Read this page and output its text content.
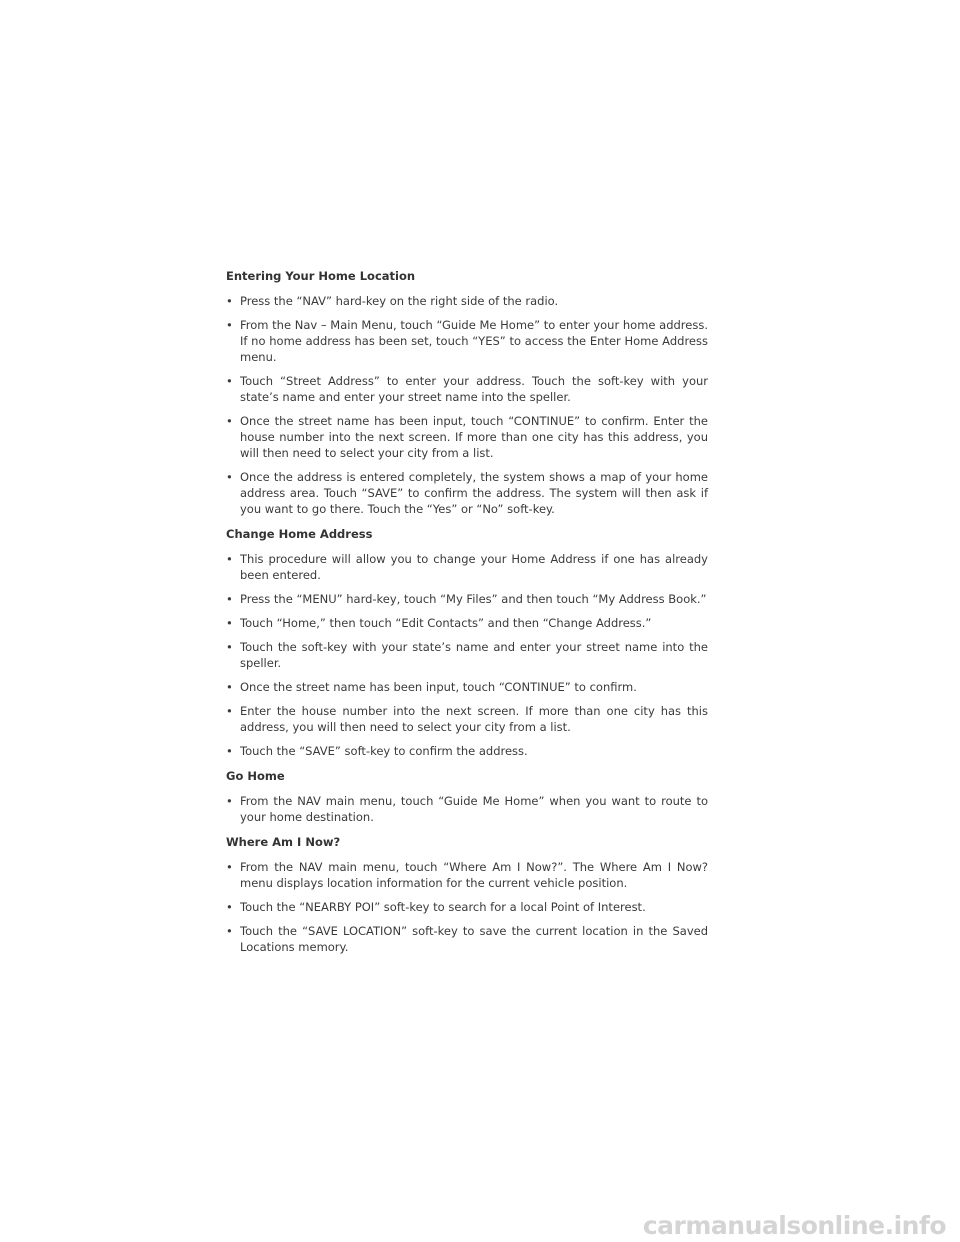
Entering Your Home Location
• Press the “NAV” hard-key on the right side of the radio.
• From the Nav – Main Menu, touch “Guide Me Home” to enter your home address. If no home address has been set, touch “YES” to access the Enter Home Address menu.
• Touch “Street Address” to enter your address. Touch the soft-key with your state’s name and enter your street name into the speller.
• Once the street name has been input, touch “CONTINUE” to confirm. Enter the house number into the next screen. If more than one city has this address, you will then need to select your city from a list.
• Once the address is entered completely, the system shows a map of your home address area. Touch “SAVE” to confirm the address. The system will then ask if you want to go there. Touch the “Yes” or “No” soft-key.
Change Home Address
• This procedure will allow you to change your Home Address if one has already been entered.
• Press the “MENU” hard-key, touch “My Files” and then touch “My Address Book.”
• Touch “Home,” then touch “Edit Contacts” and then “Change Address.”
• Touch the soft-key with your state’s name and enter your street name into the speller.
• Once the street name has been input, touch “CONTINUE” to confirm.
• Enter the house number into the next screen. If more than one city has this address, you will then need to select your city from a list.
• Touch the “SAVE” soft-key to confirm the address.
Go Home
• From the NAV main menu, touch “Guide Me Home” when you want to route to your home destination.
Where Am I Now?
• From the NAV main menu, touch “Where Am I Now?”. The Where Am I Now? menu displays location information for the current vehicle position.
• Touch the “NEARBY POI” soft-key to search for a local Point of Interest.
• Touch the “SAVE LOCATION” soft-key to save the current location in the Saved Locations memory.
carmanualsonline.info
